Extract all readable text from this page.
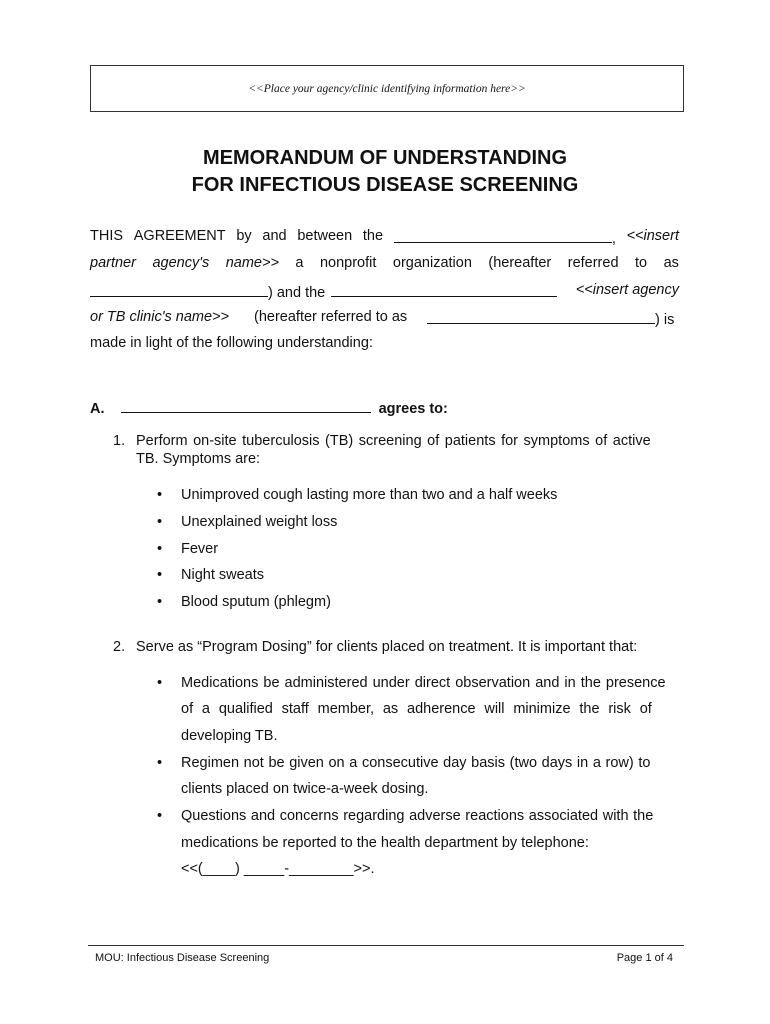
<<Place your agency/clinic identifying information here>>
MEMORANDUM OF UNDERSTANDING
FOR INFECTIOUS DISEASE SCREENING
THIS AGREEMENT by and between the	, <<insert
partner agency's name>> a nonprofit organization (hereafter referred to as
) and the	<<insert agency
or TB clinic's name>> (hereafter referred to as	) is
made in light of the following understanding:
A.	agrees to:
1. Perform on-site tuberculosis (TB) screening of patients for symptoms of active
TB. Symptoms are:
• Unimproved cough lasting more than two and a half weeks
• Unexplained weight loss
• Fever
• Night sweats
• Blood sputum (phlegm)
2. Serve as “Program Dosing” for clients placed on treatment. It is important that:
• Medications be administered under direct observation and in the presence
of a qualified staff member, as adherence will minimize the risk of
developing TB.
• Regimen not be given on a consecutive day basis (two days in a row) to
clients placed on twice-a-week dosing.
• Questions and concerns regarding adverse reactions associated with the
medications be reported to the health department by telephone:
<<(____) _____-________>>.
MOU: Infectious Disease Screening	Page 1 of 4
